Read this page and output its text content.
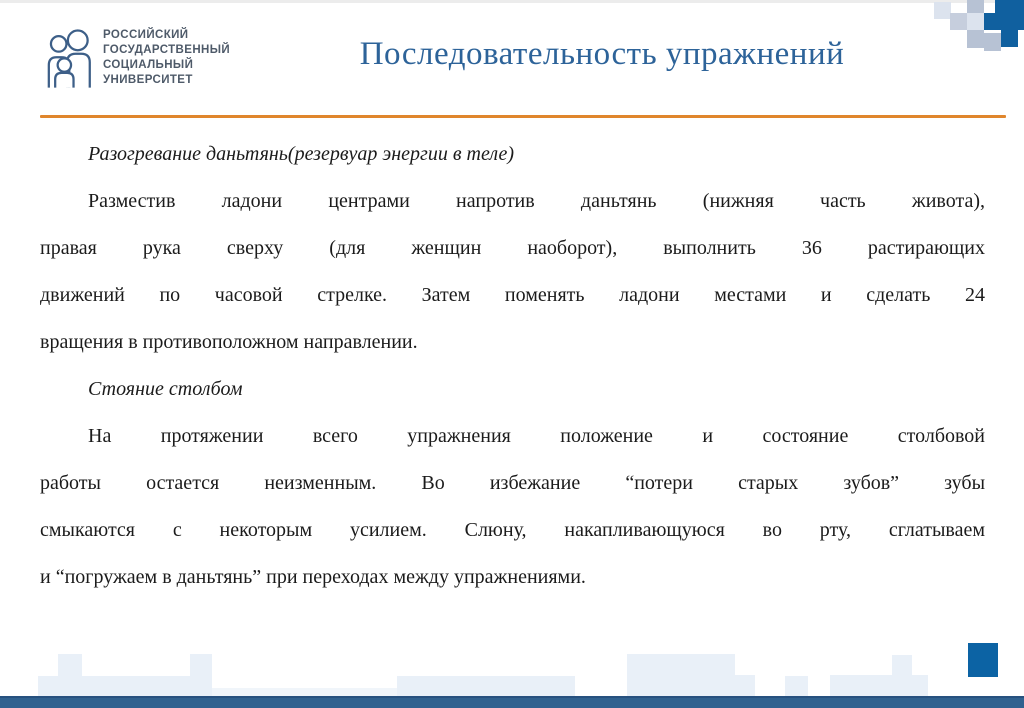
РОССИЙСКИЙ
ГОСУДАРСТВЕННЫЙ
СОЦИАЛЬНЫЙ
УНИВЕРСИТЕТ
Последовательность упражнений
Разогревание даньтянь(резервуар энергии в теле)
Разместив ладони центрами напротив даньтянь (нижняя часть живота),
правая рука сверху (для женщин наоборот), выполнить 36 растирающих
движений по часовой стрелке. Затем поменять ладони местами и сделать 24
вращения в противоположном направлении.
Стояние столбом
На протяжении всего упражнения положение и состояние столбовой
работы остается неизменным. Во избежание “потери старых зубов” зубы
смыкаются с некоторым усилием. Слюну, накапливающуюся во рту, сглатываем
и “погружаем в даньтянь” при переходах между упражнениями.
